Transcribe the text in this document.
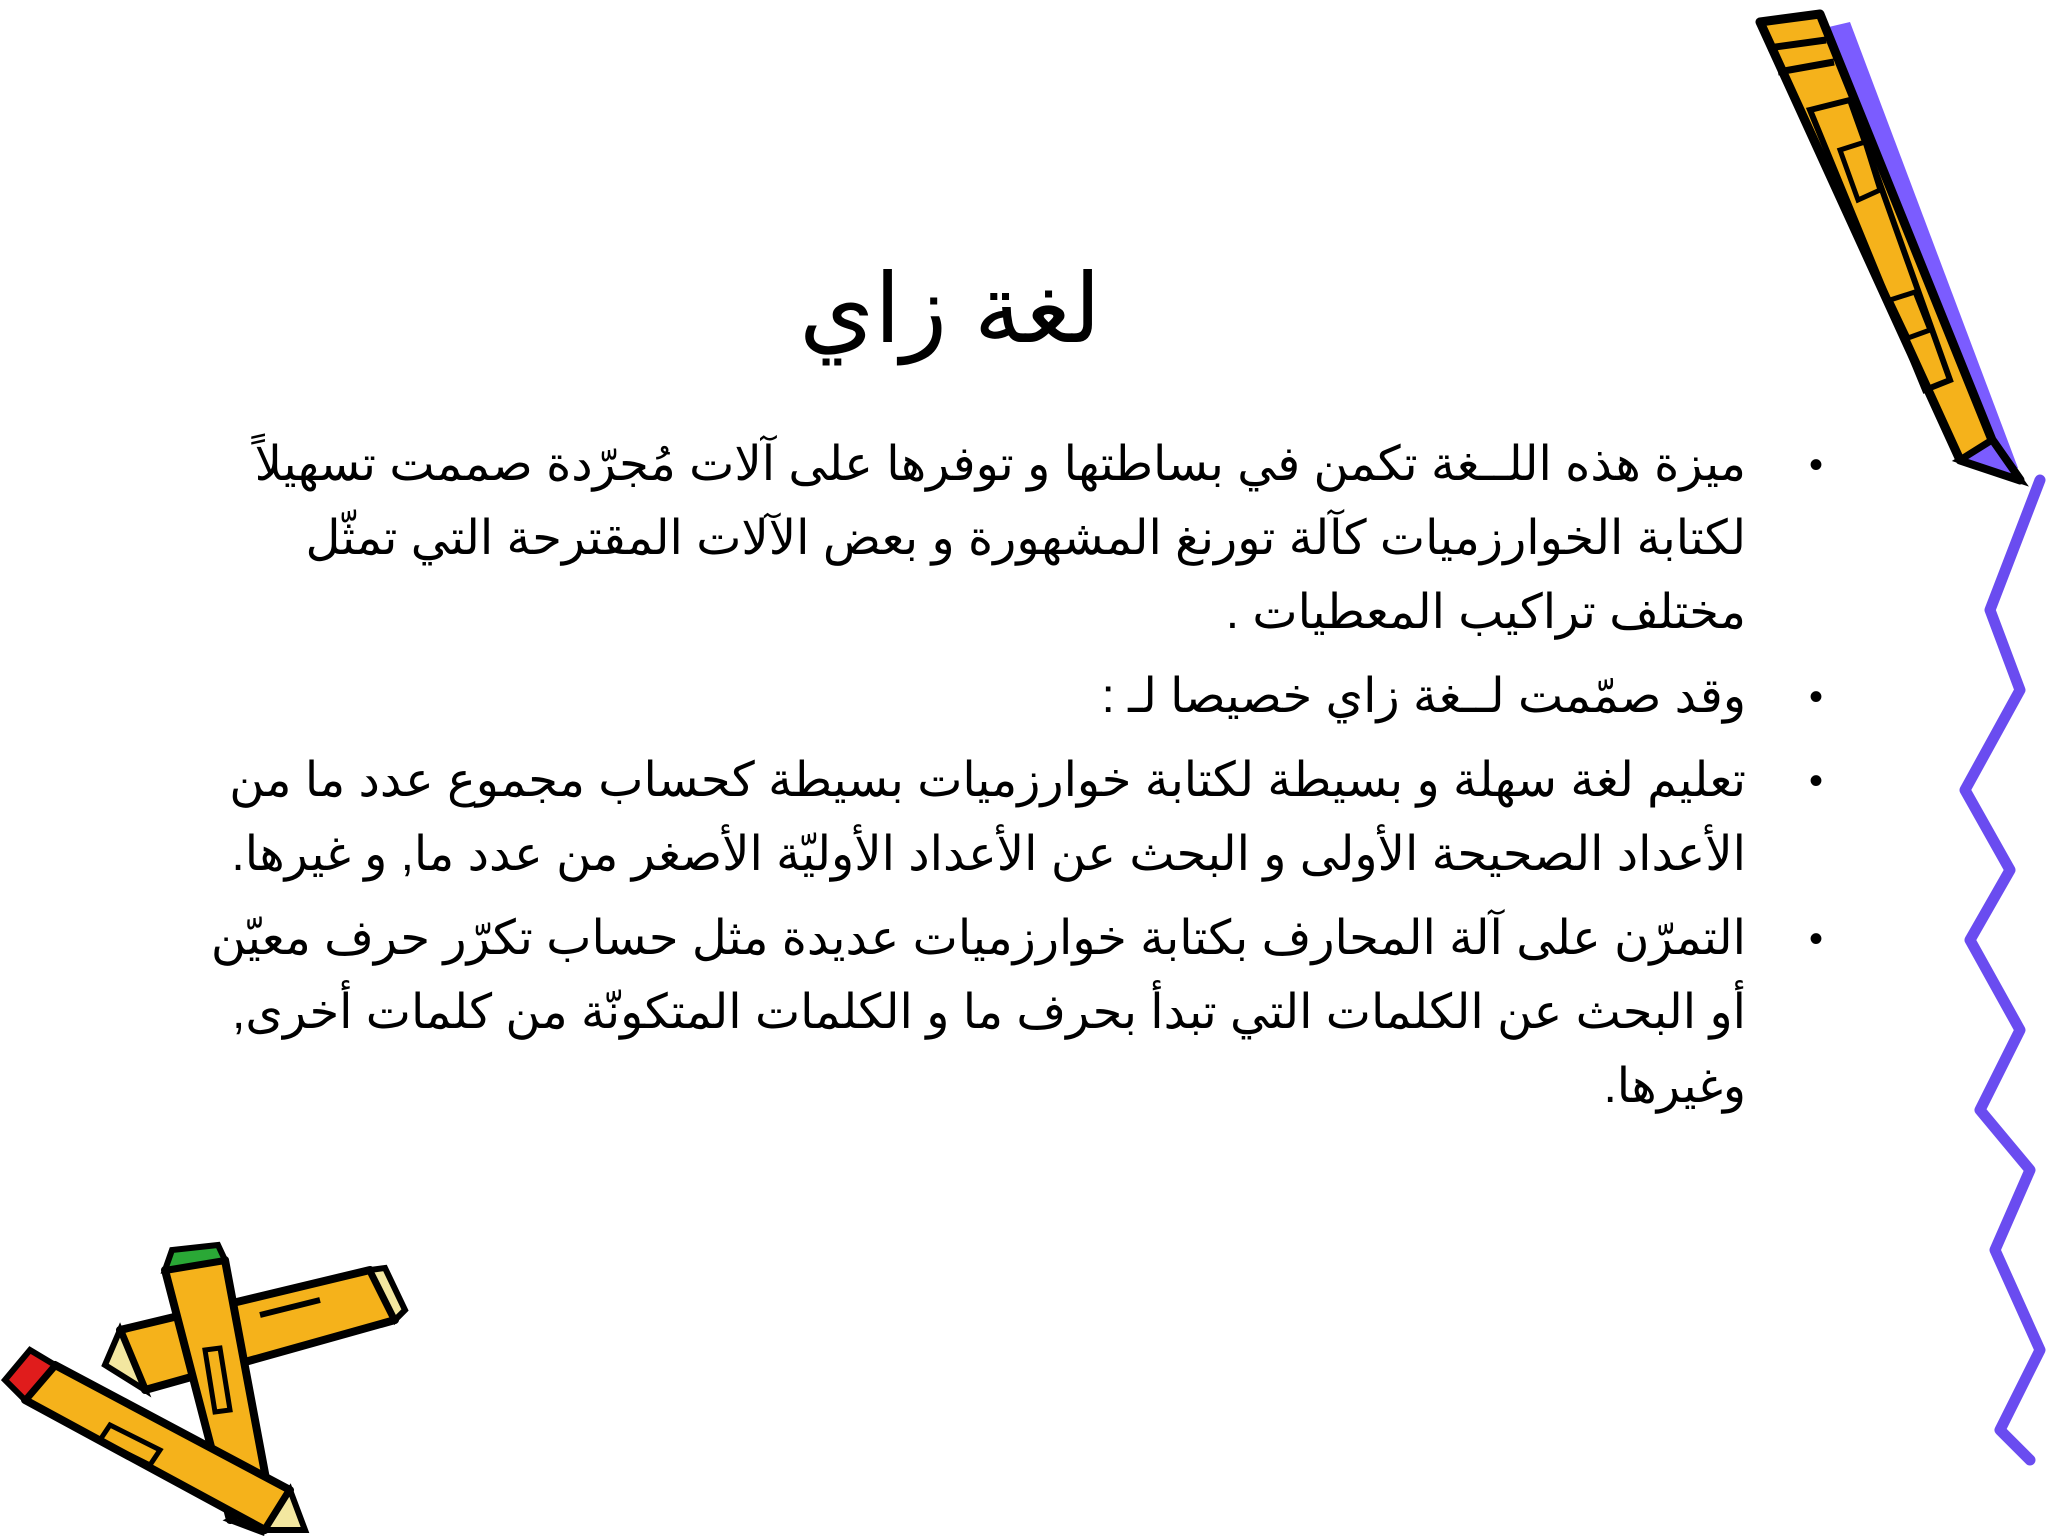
لغة زاي
•
ميزة هذه اللــغة تكمن في بساطتها و توفرها على آلات مُجرّدة صممت تسهيلاً لكتابة الخوارزميات كآلة تورنغ المشهورة و بعض الآلات المقترحة التي تمثّل مختلف تراكيب المعطيات .
•
وقد صمّمت لــغة زاي خصيصا لـ :
•
تعليم لغة سهلة و بسيطة لكتابة خوارزميات بسيطة كحساب مجموع عدد ما من الأعداد الصحيحة الأولى و البحث عن الأعداد الأوليّة الأصغر من عدد ما, و غيرها.
•
التمرّن على آلة المحارف بكتابة خوارزميات عديدة مثل حساب تكرّر حرف معيّن أو البحث عن الكلمات التي تبدأ بحرف ما و الكلمات المتكونّة من كلمات أخرى, وغيرها.
